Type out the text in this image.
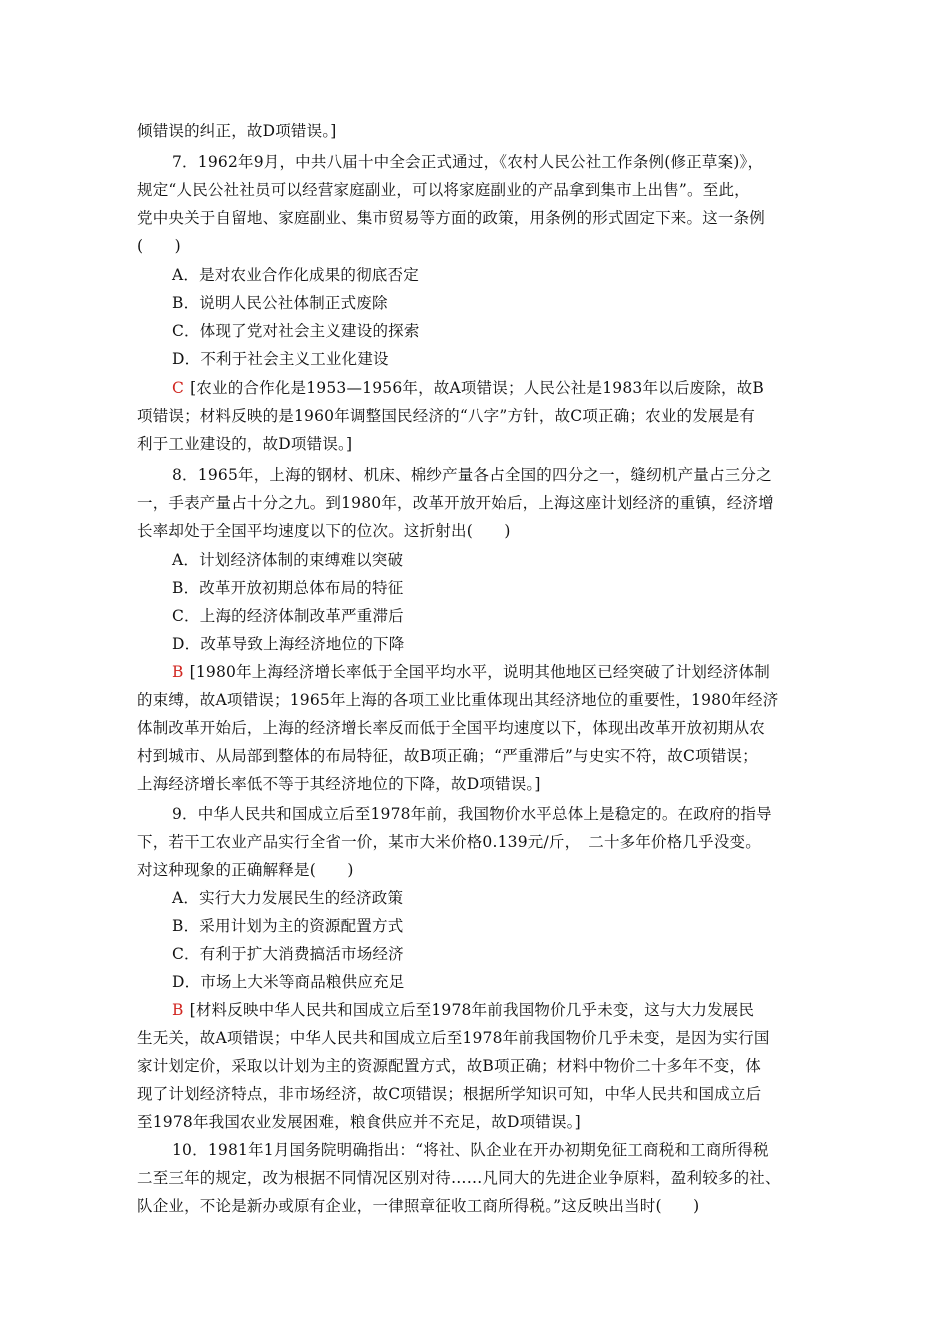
倾错误的纠正，故D项错误。]
7．1962年9月，中共八届十中全会正式通过，《农村人民公社工作条例(修正草案)》，
规定“人民公社社员可以经营家庭副业，可以将家庭副业的产品拿到集市上出售”。至此，
党中央关于自留地、家庭副业、集市贸易等方面的政策，用条例的形式固定下来。这一条例
(　　)
A．是对农业合作化成果的彻底否定
B．说明人民公社体制正式废除
C．体现了党对社会主义建设的探索
D．不利于社会主义工业化建设
C [农业的合作化是1953—1956年，故A项错误；人民公社是1983年以后废除，故B
项错误；材料反映的是1960年调整国民经济的“八字”方针，故C项正确；农业的发展是有
利于工业建设的，故D项错误。]
8．1965年，上海的钢材、机床、棉纱产量各占全国的四分之一，缝纫机产量占三分之
一，手表产量占十分之九。到1980年，改革开放开始后，上海这座计划经济的重镇，经济增
长率却处于全国平均速度以下的位次。这折射出(　　)
A．计划经济体制的束缚难以突破
B．改革开放初期总体布局的特征
C．上海的经济体制改革严重滞后
D．改革导致上海经济地位的下降
B [1980年上海经济增长率低于全国平均水平，说明其他地区已经突破了计划经济体制
的束缚，故A项错误；1965年上海的各项工业比重体现出其经济地位的重要性，1980年经济
体制改革开始后，上海的经济增长率反而低于全国平均速度以下，体现出改革开放初期从农
村到城市、从局部到整体的布局特征，故B项正确；“严重滞后”与史实不符，故C项错误；
上海经济增长率低不等于其经济地位的下降，故D项错误。]
9．中华人民共和国成立后至1978年前，我国物价水平总体上是稳定的。在政府的指导
下，若干工农业产品实行全省一价，某市大米价格0.139元/斤，　二十多年价格几乎没变。
对这种现象的正确解释是(　　)
A．实行大力发展民生的经济政策
B．采用计划为主的资源配置方式
C．有利于扩大消费搞活市场经济
D．市场上大米等商品粮供应充足
B [材料反映中华人民共和国成立后至1978年前我国物价几乎未变，这与大力发展民
生无关，故A项错误；中华人民共和国成立后至1978年前我国物价几乎未变，是因为实行国
家计划定价，采取以计划为主的资源配置方式，故B项正确；材料中物价二十多年不变，体
现了计划经济特点，非市场经济，故C项错误；根据所学知识可知，中华人民共和国成立后
至1978年我国农业发展困难，粮食供应并不充足，故D项错误。]
10．1981年1月国务院明确指出：“将社、队企业在开办初期免征工商税和工商所得税
二至三年的规定，改为根据不同情况区别对待……凡同大的先进企业争原料，盈利较多的社、
队企业，不论是新办或原有企业，一律照章征收工商所得税。”这反映出当时(　　)
